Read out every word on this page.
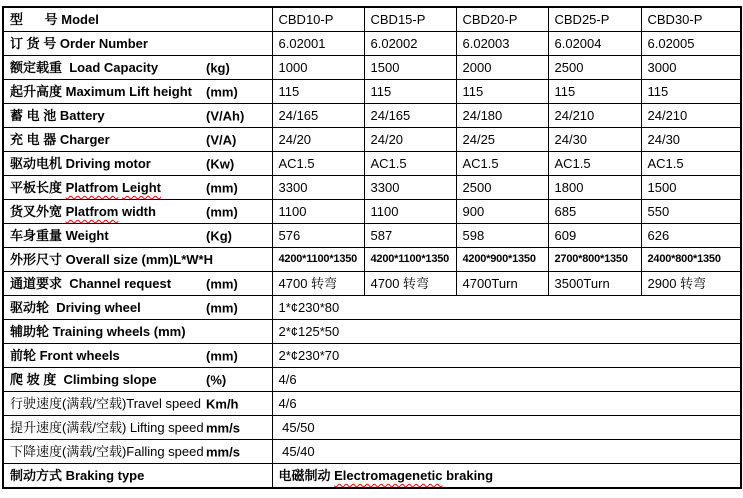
型      号 Model	CBD10-P	CBD15-P	CBD20-P	CBD25-P	CBD30-P
订 货 号 Order Number	6.02001	6.02002	6.02003	6.02004	6.02005
额定载重  Load Capacity (kg)	1000	1500	2000	2500	3000
起升高度 Maximum Lift height (mm)	115	115	115	115	115
蓄 电 池 Battery (V/Ah)	24/165	24/165	24/180	24/210	24/210
充 电 器 Charger (V/A)	24/20	24/20	24/25	24/30	24/30
驱动电机 Driving motor (Kw)	AC1.5	AC1.5	AC1.5	AC1.5	AC1.5
平板长度 Platfrom Leight (mm)	3300	3300	2500	1800	1500
货叉外宽 Platfrom width (mm)	1100	1100	900	685	550
车身重量 Weight (Kg)	576	587	598	609	626
外形尺寸 Overall size (mm)L*W*H	4200*1100*1350	4200*1100*1350	4200*900*1350	2700*800*1350	2400*800*1350
通道要求  Channel request (mm)	4700 转弯	4700 转弯	4700Turn	3500Turn	2900 转弯
驱动轮  Driving wheel (mm)	1*¢230*80				
辅助轮 Training wheels (mm)	2*¢125*50				
前轮 Front wheels (mm)	2*¢230*70				
爬 坡 度  Climbing slope (%)	4/6				
行驶速度(满载/空载)Travel speed Km/h	4/6				
提升速度(满载/空载) Lifting speed mm/s	45/50				
下降速度(满载/空载)Falling speed mm/s	45/40				
制动方式 Braking type	电磁制动 Electromagenetic braking				
